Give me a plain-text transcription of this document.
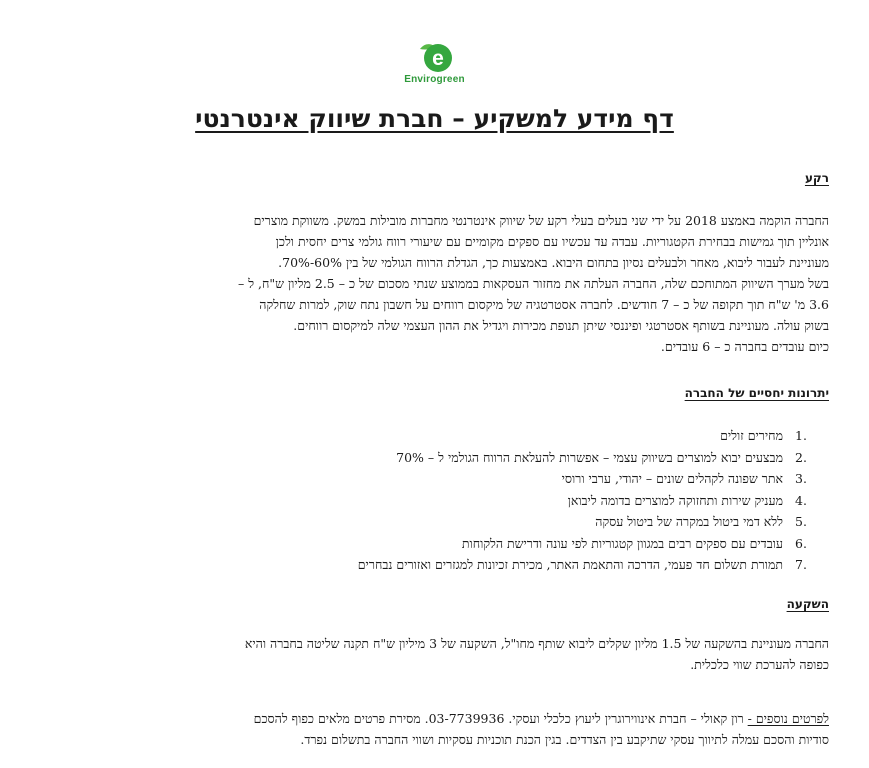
e
Envirogreen
דף מידע למשקיע – חברת שיווק אינטרנטי
רקע

החברה הוקמה באמצע 2018 על ידי שני בעלים בעלי רקע של שיווק אינטרנטי מחברות מובילות במשק. משווקת מוצרים

אונליין תוך גמישות בבחירת הקטגוריות. עבדה עד עכשיו עם ספקים מקומיים עם שיעורי רווח גולמי צרים יחסית ולכן

מעוניינת לעבור ליבוא, מאחר ולבעלים נסיון בתחום היבוא. באמצעות כך, הגדלת הרווח הגולמי של בין 60%-70%.

בשל מערך השיווק המתוחכם שלה, החברה העלתה את מחזור העסקאות בממוצע שנתי מסכום של כ – 2.5 מליון ש"ח, ל –

3.6 מ' ש"ח תוך תקופה של כ – 7 חודשים. לחברה אסטרטגיה של מיקסום רווחים על חשבון נתח שוק, למרות שחלקה

בשוק עולה. מעוניינת בשותף אסטרטגי ופיננסי שיתן תנופת מכירות ויגדיל את ההון העצמי שלה למיקסום רווחים.

כיום עובדים בחברה כ – 6 עובדים.

יתרונות יחסיים של החברה
1.
מחירים זולים
2.
מבצעים יבוא למוצרים בשיווק עצמי – אפשרות להעלאת הרווח הגולמי ל – 70%
3.
אתר שפונה לקהלים שונים – יהודי, ערבי ורוסי
4.
מעניק שירות ותחזוקה למוצרים בדומה ליבואן
5.
ללא דמי ביטול במקרה של ביטול עסקה
6.
עובדים עם ספקים רבים במגוון קטגוריות לפי עונה ודרישת הלקוחות
7.
תמורת תשלום חד פעמי, הדרכה והתאמת האתר, מכירת זכיונות למגזרים ואזורים נבחרים
השקעה

החברה מעוניינת בהשקעה של 1.5 מליון שקלים ליבוא שותף מחו"ל, השקעה של 3 מיליון ש"ח תקנה שליטה בחברה והיא

כפופה להערכת שווי כלכלית.

לפרטים נוספים - רון קאולי – חברת אינווירוגרין ליעוץ כלכלי ועסקי. 03-7739936. מסירת פרטים מלאים כפוף להסכם

סודיות והסכם עמלה לתיווך עסקי שתיקבע בין הצדדים. בגין הכנת תוכניות עסקיות ושווי החברה בתשלום נפרד.
